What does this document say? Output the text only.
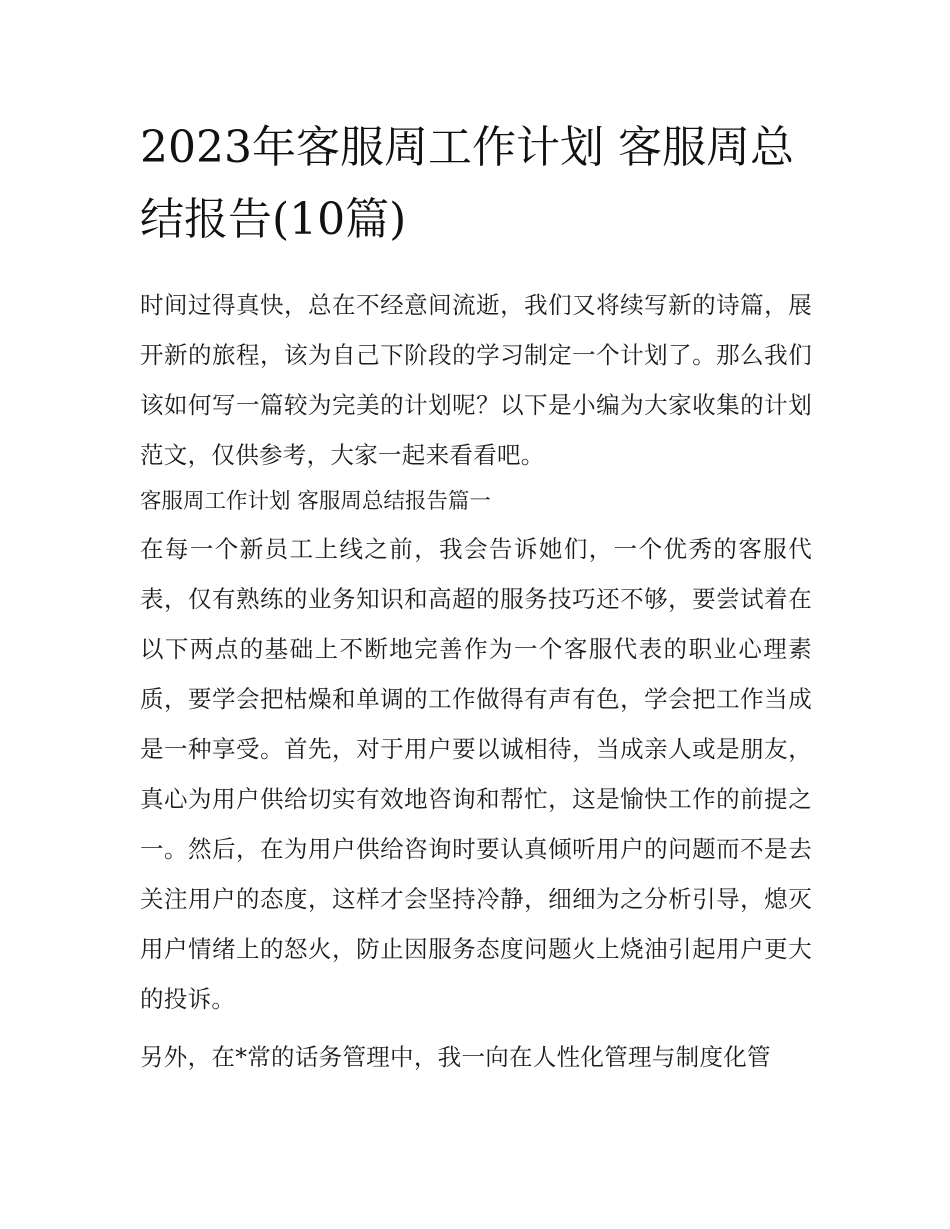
2023年客服周工作计划 客服周总结报告(10篇)

时间过得真快，总在不经意间流逝，我们又将续写新的诗篇，展开新的旅程，该为自己下阶段的学习制定一个计划了。那么我们该如何写一篇较为完美的计划呢？以下是小编为大家收集的计划范文，仅供参考，大家一起来看看吧。

客服周工作计划 客服周总结报告篇一

在每一个新员工上线之前，我会告诉她们，一个优秀的客服代表，仅有熟练的业务知识和高超的服务技巧还不够，要尝试着在以下两点的基础上不断地完善作为一个客服代表的职业心理素质，要学会把枯燥和单调的工作做得有声有色，学会把工作当成是一种享受。首先，对于用户要以诚相待，当成亲人或是朋友，真心为用户供给切实有效地咨询和帮忙，这是愉快工作的前提之一。然后，在为用户供给咨询时要认真倾听用户的问题而不是去关注用户的态度，这样才会坚持冷静，细细为之分析引导，熄灭用户情绪上的怒火，防止因服务态度问题火上烧油引起用户更大的投诉。

另外，在*常的话务管理中，我一向在人性化管理与制度化管
